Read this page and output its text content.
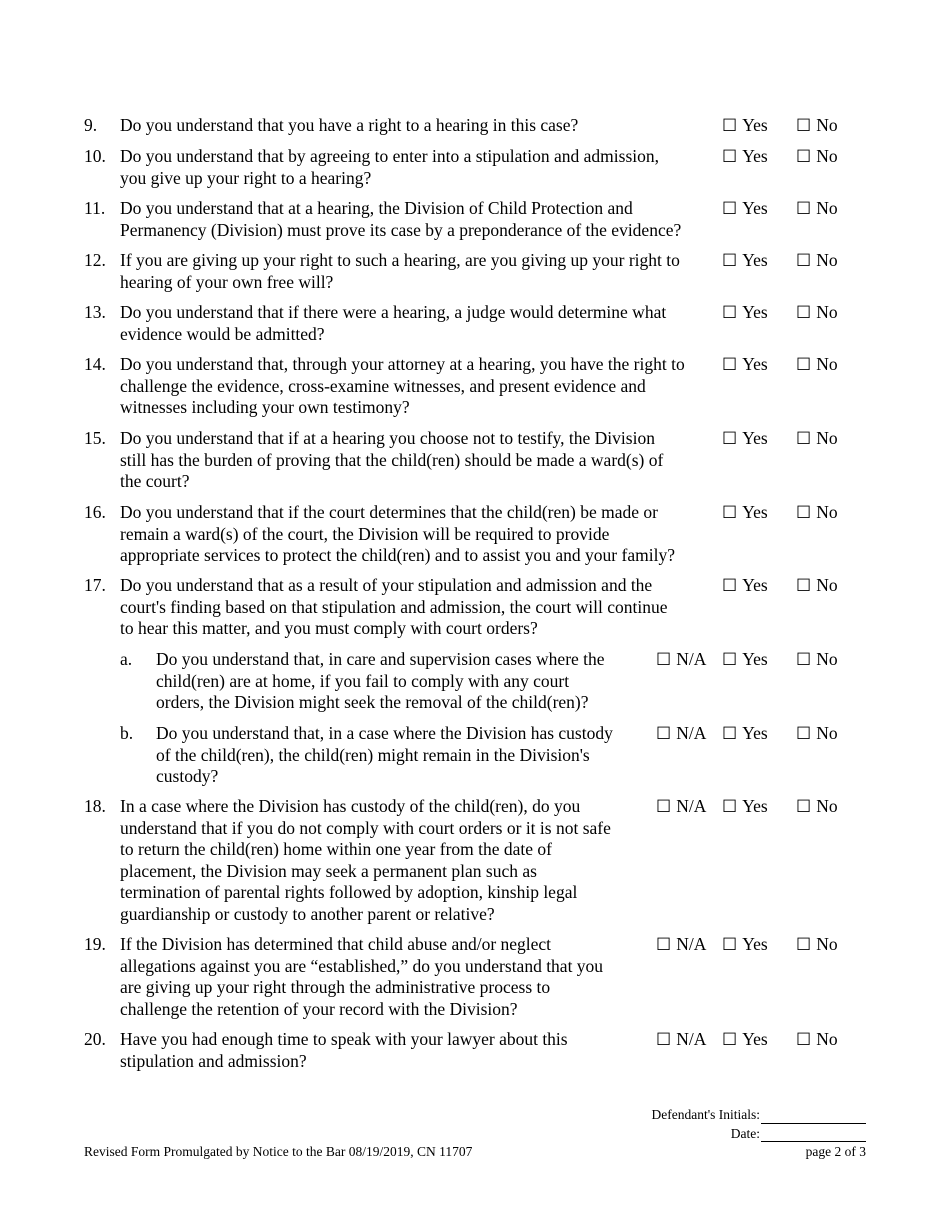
9. Do you understand that you have a right to a hearing in this case?	☐ Yes ☐ No
10. Do you understand that by agreeing to enter into a stipulation and admission,
you give up your right to a hearing?
☐ Yes ☐ No
11. Do you understand that at a hearing, the Division of Child Protection and
Permanency (Division) must prove its case by a preponderance of the evidence?
☐ Yes ☐ No
12. If you are giving up your right to such a hearing, are you giving up your right to
hearing of your own free will?
☐ Yes ☐ No
13. Do you understand that if there were a hearing, a judge would determine what
evidence would be admitted?
☐ Yes ☐ No
14. Do you understand that, through your attorney at a hearing, you have the right to
challenge the evidence, cross-examine witnesses, and present evidence and
witnesses including your own testimony?
☐ Yes ☐ No
15. Do you understand that if at a hearing you choose not to testify, the Division
still has the burden of proving that the child(ren) should be made a ward(s) of
the court?
☐ Yes ☐ No
16. Do you understand that if the court determines that the child(ren) be made or
remain a ward(s) of the court, the Division will be required to provide
appropriate services to protect the child(ren) and to assist you and your family?
☐ Yes ☐ No
17. Do you understand that as a result of your stipulation and admission and the
court's finding based on that stipulation and admission, the court will continue
to hear this matter, and you must comply with court orders?
☐ Yes ☐ No
a. Do you understand that, in care and supervision cases where the
child(ren) are at home, if you fail to comply with any court
orders, the Division might seek the removal of the child(ren)?
☐ N/A ☐ Yes ☐ No
b. Do you understand that, in a case where the Division has custody
of the child(ren), the child(ren) might remain in the Division's
custody?
☐ N/A ☐ Yes ☐ No
18. In a case where the Division has custody of the child(ren), do you
understand that if you do not comply with court orders or it is not safe
to return the child(ren) home within one year from the date of
placement, the Division may seek a permanent plan such as
termination of parental rights followed by adoption, kinship legal
guardianship or custody to another parent or relative?
☐ N/A ☐ Yes ☐ No
19. If the Division has determined that child abuse and/or neglect
allegations against you are “established,” do you understand that you
are giving up your right through the administrative process to
challenge the retention of your record with the Division?
☐ N/A ☐ Yes ☐ No
20. Have you had enough time to speak with your lawyer about this
stipulation and admission?
☐ N/A ☐ Yes ☐ No
Defendant's Initials:
Date:
Revised Form Promulgated by Notice to the Bar 08/19/2019, CN 11707	page 2 of 3
